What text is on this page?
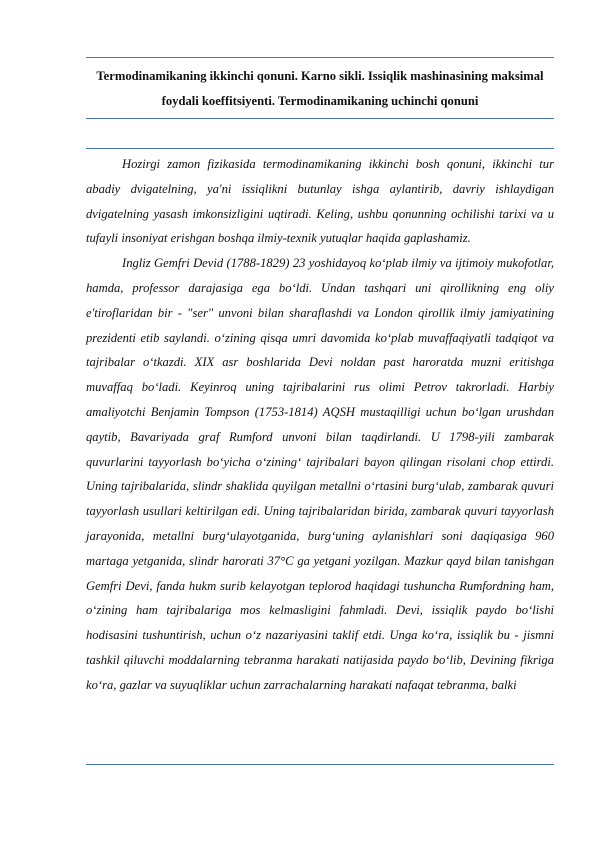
Termodinamikaning ikkinchi qonuni. Karno sikli. Issiqlik mashinasining maksimal foydali koeffitsiyenti. Termodinamikaning uchinchi qonuni

Hozirgi zamon fizikasida termodinamikaning ikkinchi bosh qonuni, ikkinchi tur abadiy dvigatelning, ya'ni issiqlikni butunlay ishga aylantirib, davriy ishlaydigan dvigatelning yasash imkonsizligini uqtiradi. Keling, ushbu qonunning ochilishi tarixi va u tufayli insoniyat erishgan boshqa ilmiy-texnik yutuqlar haqida gaplashamiz.

Ingliz Gemfri Devid (1788-1829) 23 yoshidayoq ko‘plab ilmiy va ijtimoiy mukofotlar, hamda, professor darajasiga ega bo‘ldi. Undan tashqari uni qirollikning eng oliy e'tiroflaridan bir - "ser" unvoni bilan sharaflashdi va London qirollik ilmiy jamiyatining prezidenti etib saylandi. o‘zining qisqa umri davomida ko‘plab muvaffaqiyatli tadqiqot va tajribalar o‘tkazdi. XIX asr boshlarida Devi noldan past haroratda muzni eritishga muvaffaq bo‘ladi. Keyinroq uning tajribalarini rus olimi Petrov takrorladi. Harbiy amaliyotchi Benjamin Tompson (1753-1814) AQSH mustaqilligi uchun bo‘lgan urushdan qaytib, Bavariyada graf Rumford unvoni bilan taqdirlandi. U 1798-yili zambarak quvurlarini tayyorlash bo‘yicha o‘zining‘ tajribalari bayon qilingan risolani chop ettirdi. Uning tajribalarida, slindr shaklida quyilgan metallni o‘rtasini burg‘ulab, zambarak quvuri tayyorlash usullari keltirilgan edi. Uning tajribalaridan birida, zambarak quvuri tayyorlash jarayonida, metallni burg‘ulayotganida, burg‘uning aylanishlari soni daqiqasiga 960 martaga yetganida, slindr harorati 37°C ga yetgani yozilgan. Mazkur qayd bilan tanishgan Gemfri Devi, fanda hukm surib kelayotgan teplorod haqidagi tushuncha Rumfordning ham, o‘zining ham tajribalariga mos kelmasligini fahmladi. Devi, issiqlik paydo bo‘lishi hodisasini tushuntirish, uchun o‘z nazariyasini taklif etdi. Unga ko‘ra, issiqlik bu - jismni tashkil qiluvchi moddalarning tebranma harakati natijasida paydo bo‘lib, Devining fikriga ko‘ra, gazlar va suyuqliklar uchun zarrachalarning harakati nafaqat tebranma, balki
